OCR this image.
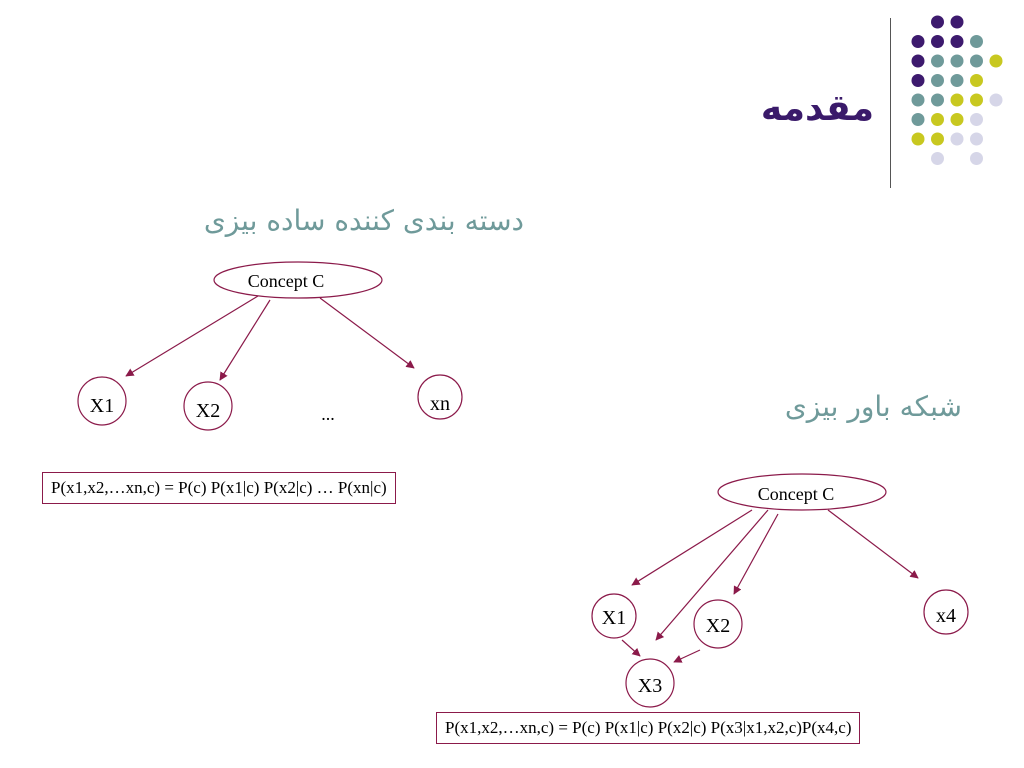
مقدمه
دسته بندی کننده ساده بیزی
شبکه باور بیزی
Concept C
X1	X2	...	xn
Concept C
X1	X2
X3
x4
P(x1,x2,…xn,c) = P(c) P(x1|c) P(x2|c) … P(xn|c)
P(x1,x2,…xn,c) = P(c) P(x1|c) P(x2|c) P(x3|x1,x2,c)P(x4,c)
